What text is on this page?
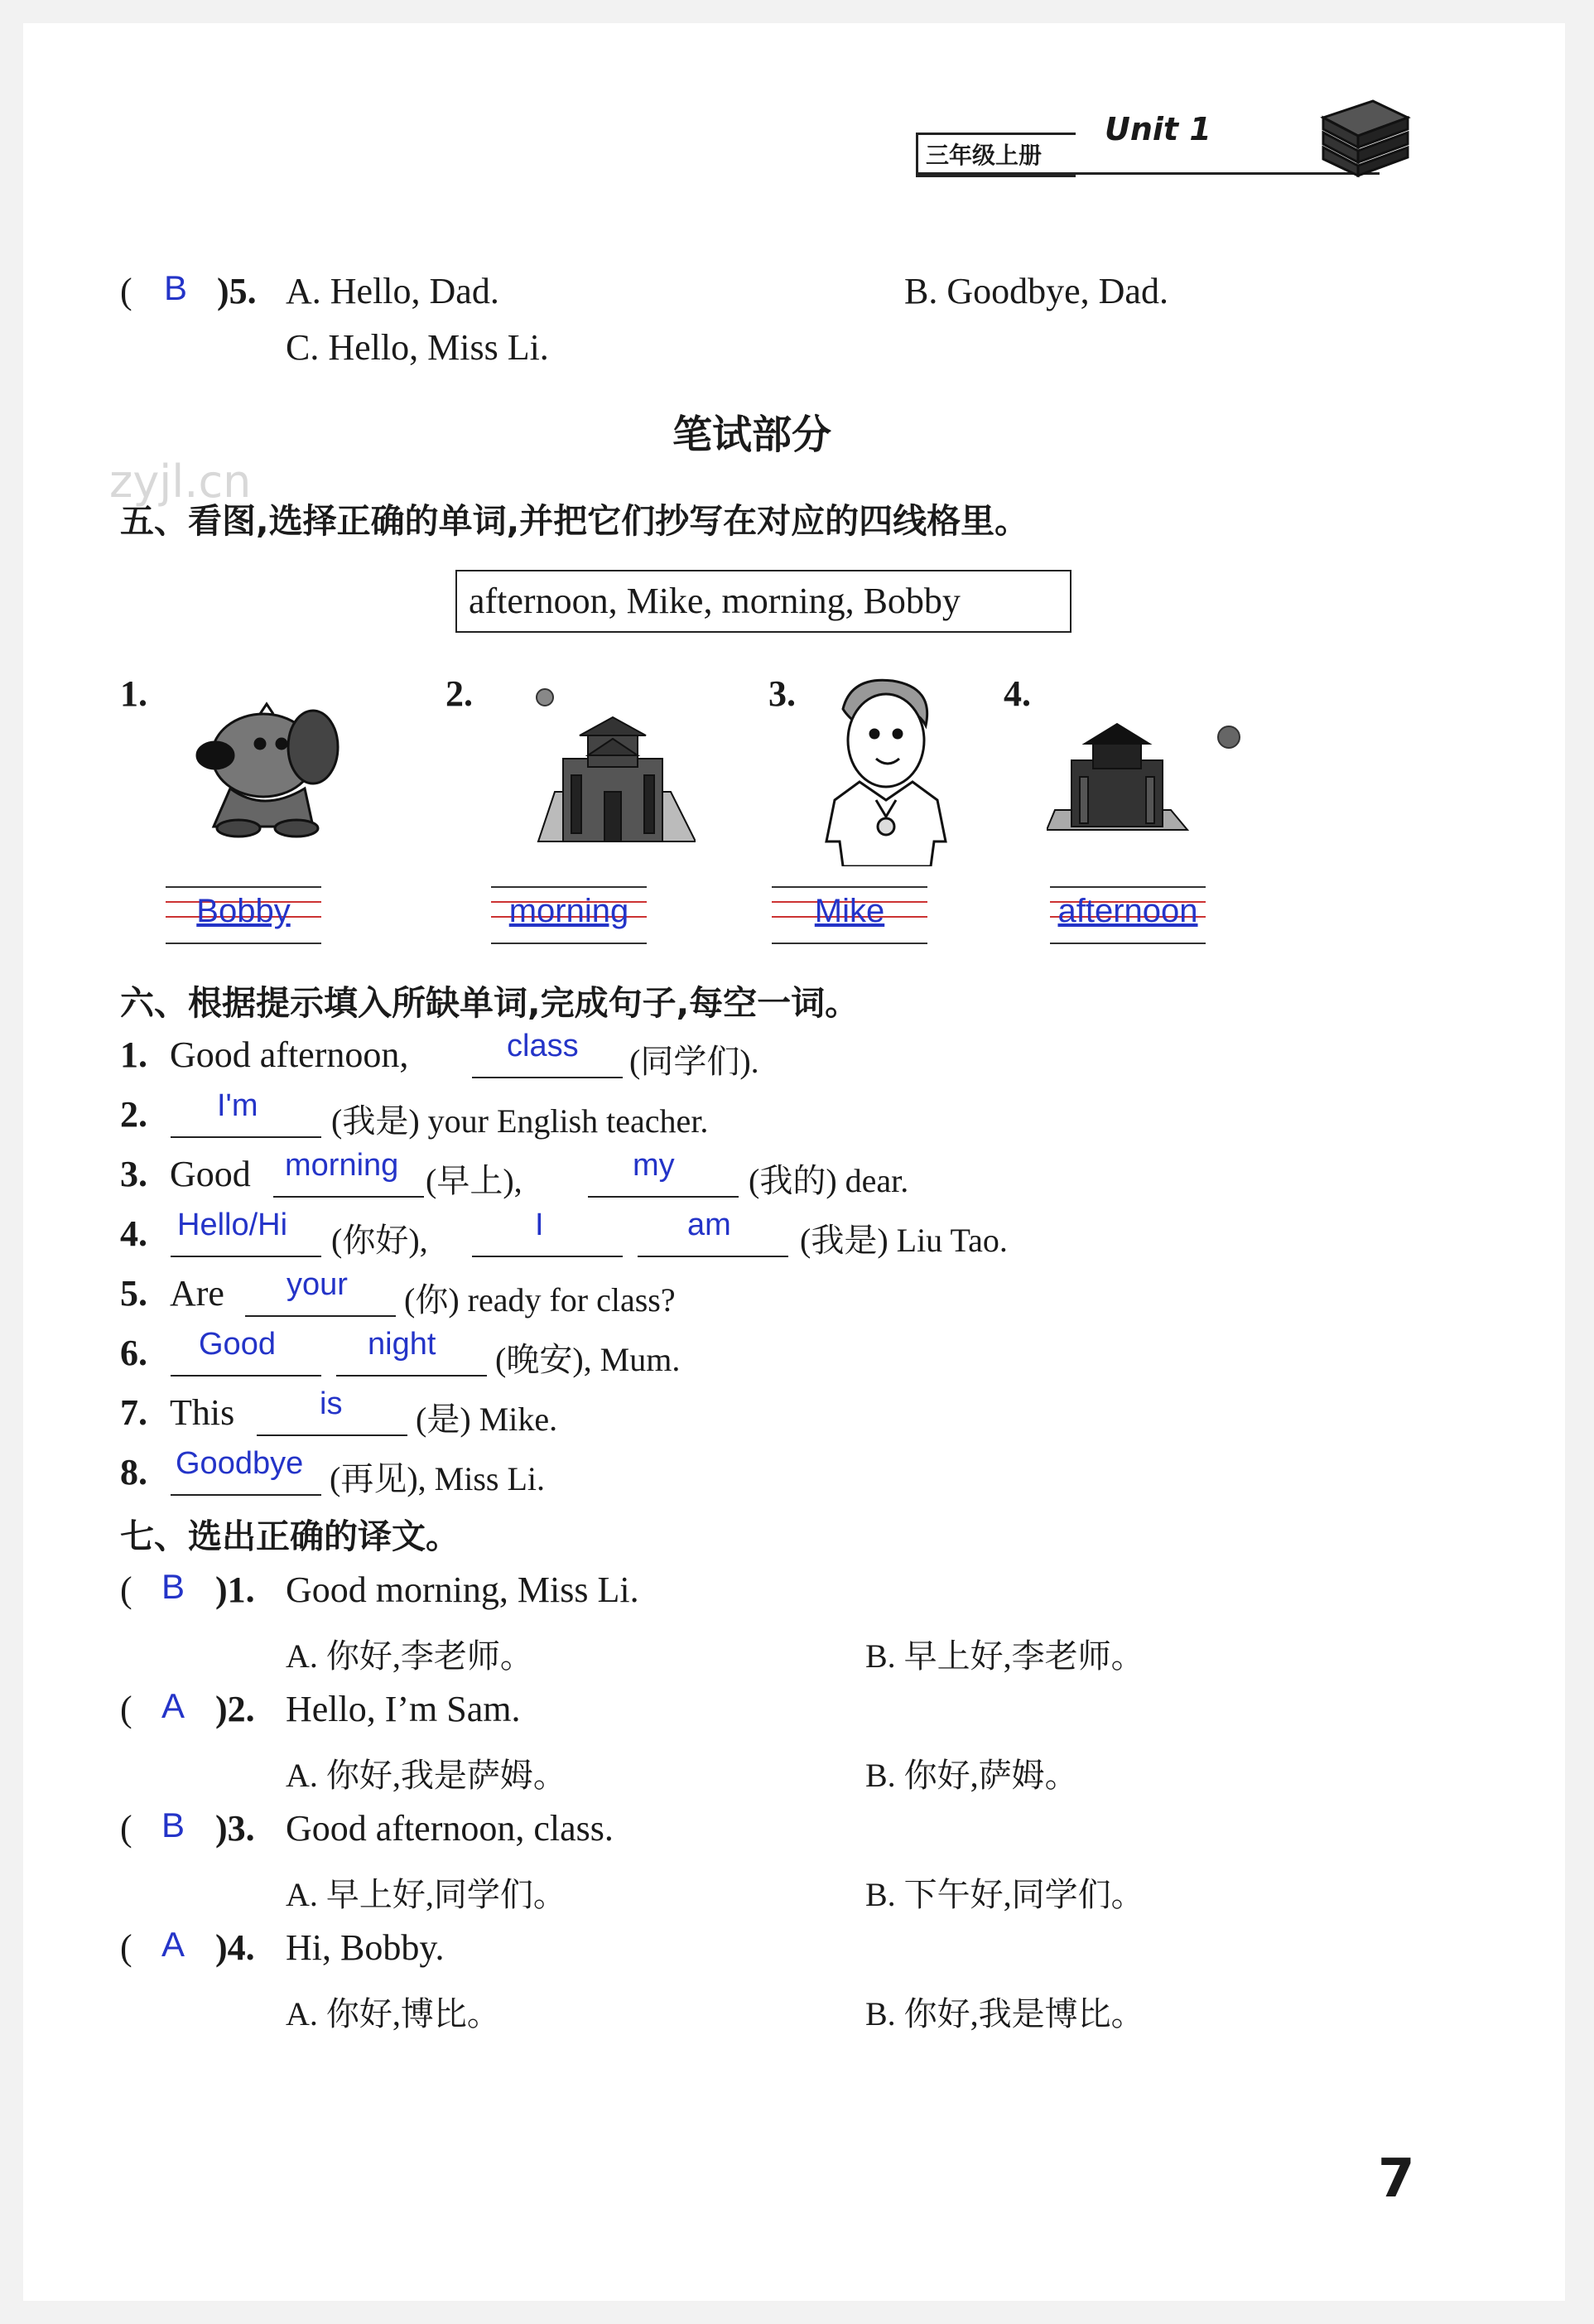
三年级上册
Unit 1
( B )5. A. Hello, Dad.	B. Goodbye, Dad.
C. Hello, Miss Li.
笔试部分
zyjl.cn
五、看图,选择正确的单词,并把它们抄写在对应的四线格里。
afternoon, Mike, morning, Bobby
1.	2.	3.	4.
Bobby	morning	Mike	afternoon
六、根据提示填入所缺单词,完成句子,每空一词。
1. Good afternoon,	class (同学们).
2. I'm (我是) your English teacher.
3. Good morning (早上),	my (我的) dear.
4. Hello/Hi (你好),	I	am (我是) Liu Tao.
5. Are your (你) ready for class?
6. Good	night (晚安), Mum.
7. This	is (是) Mike.
8. Goodbye (再见), Miss Li.
七、选出正确的译文。
( B )1. Good morning, Miss Li.
A. 你好,李老师。	B. 早上好,李老师。
( A )2. Hello, I’m Sam.
A. 你好,我是萨姆。	B. 你好,萨姆。
( B )3. Good afternoon, class.
A. 早上好,同学们。	B. 下午好,同学们。
( A )4. Hi, Bobby.
A. 你好,博比。	B. 你好,我是博比。
7
